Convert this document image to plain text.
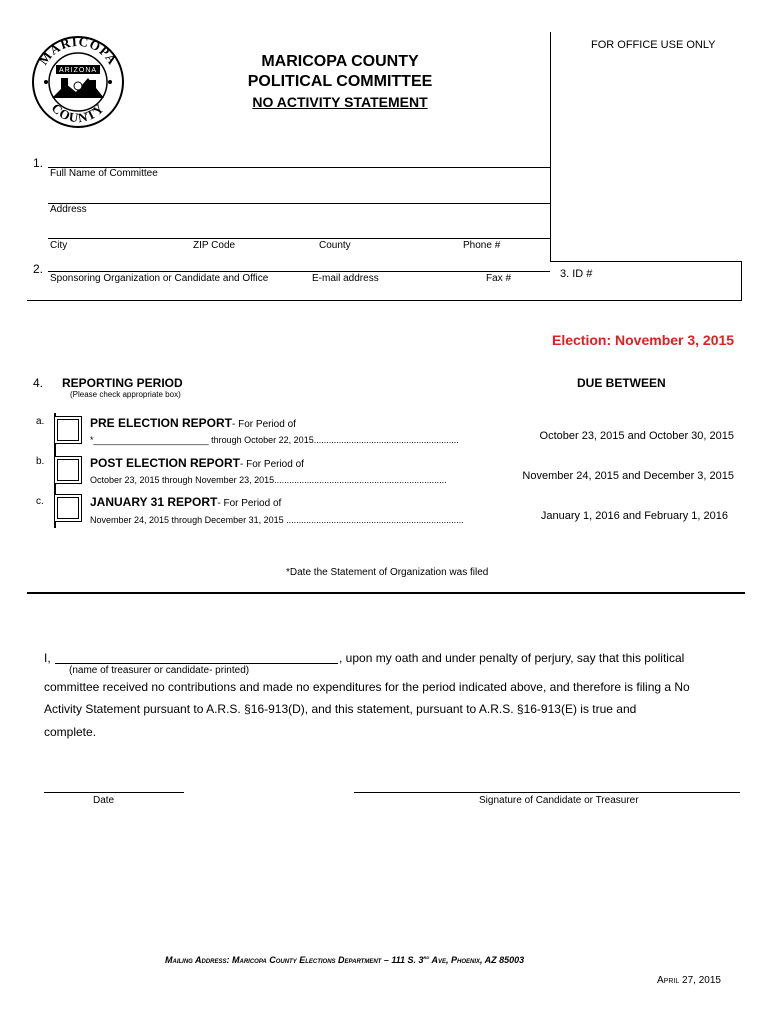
FOR OFFICE USE ONLY
MARICOPA
COUNTY
ARIZONA
MARICOPA COUNTY
POLITICAL COMMITTEE
NO ACTIVITY STATEMENT
1.
Full Name of Committee
Address
City	ZIP Code	County	Phone #
2.
Sponsoring Organization or Candidate and Office	E-mail address	Fax #	3. ID #
Election: November 3, 2015
4. REPORTING PERIOD
(Please check appropriate box)
DUE BETWEEN
a.	PRE ELECTION REPORT- For Period of
*_______________________ through October 22, 2015..........................................................	October 23, 2015 and October 30, 2015
b.	POST ELECTION REPORT- For Period of
October 23, 2015 through November 23, 2015.....................................................................	November 24, 2015 and December 3, 2015
c.	JANUARY 31 REPORT- For Period of
November 24, 2015 through December 31, 2015 .......................................................................	January 1, 2016 and February 1, 2016
*Date the Statement of Organization was filed
I,	, upon my oath and under penalty of perjury, say that this political
(name of treasurer or candidate- printed)
committee received no contributions and made no expenditures for the period indicated above, and therefore is filing a No
Activity Statement pursuant to A.R.S. §16-913(D), and this statement, pursuant to A.R.S. §16-913(E) is true and
complete.
Date	Signature of Candidate or Treasurer
Mailing Address: Maricopa County Elections Department – 111 S. 3rd Ave, Phoenix, AZ 85003
April 27, 2015
